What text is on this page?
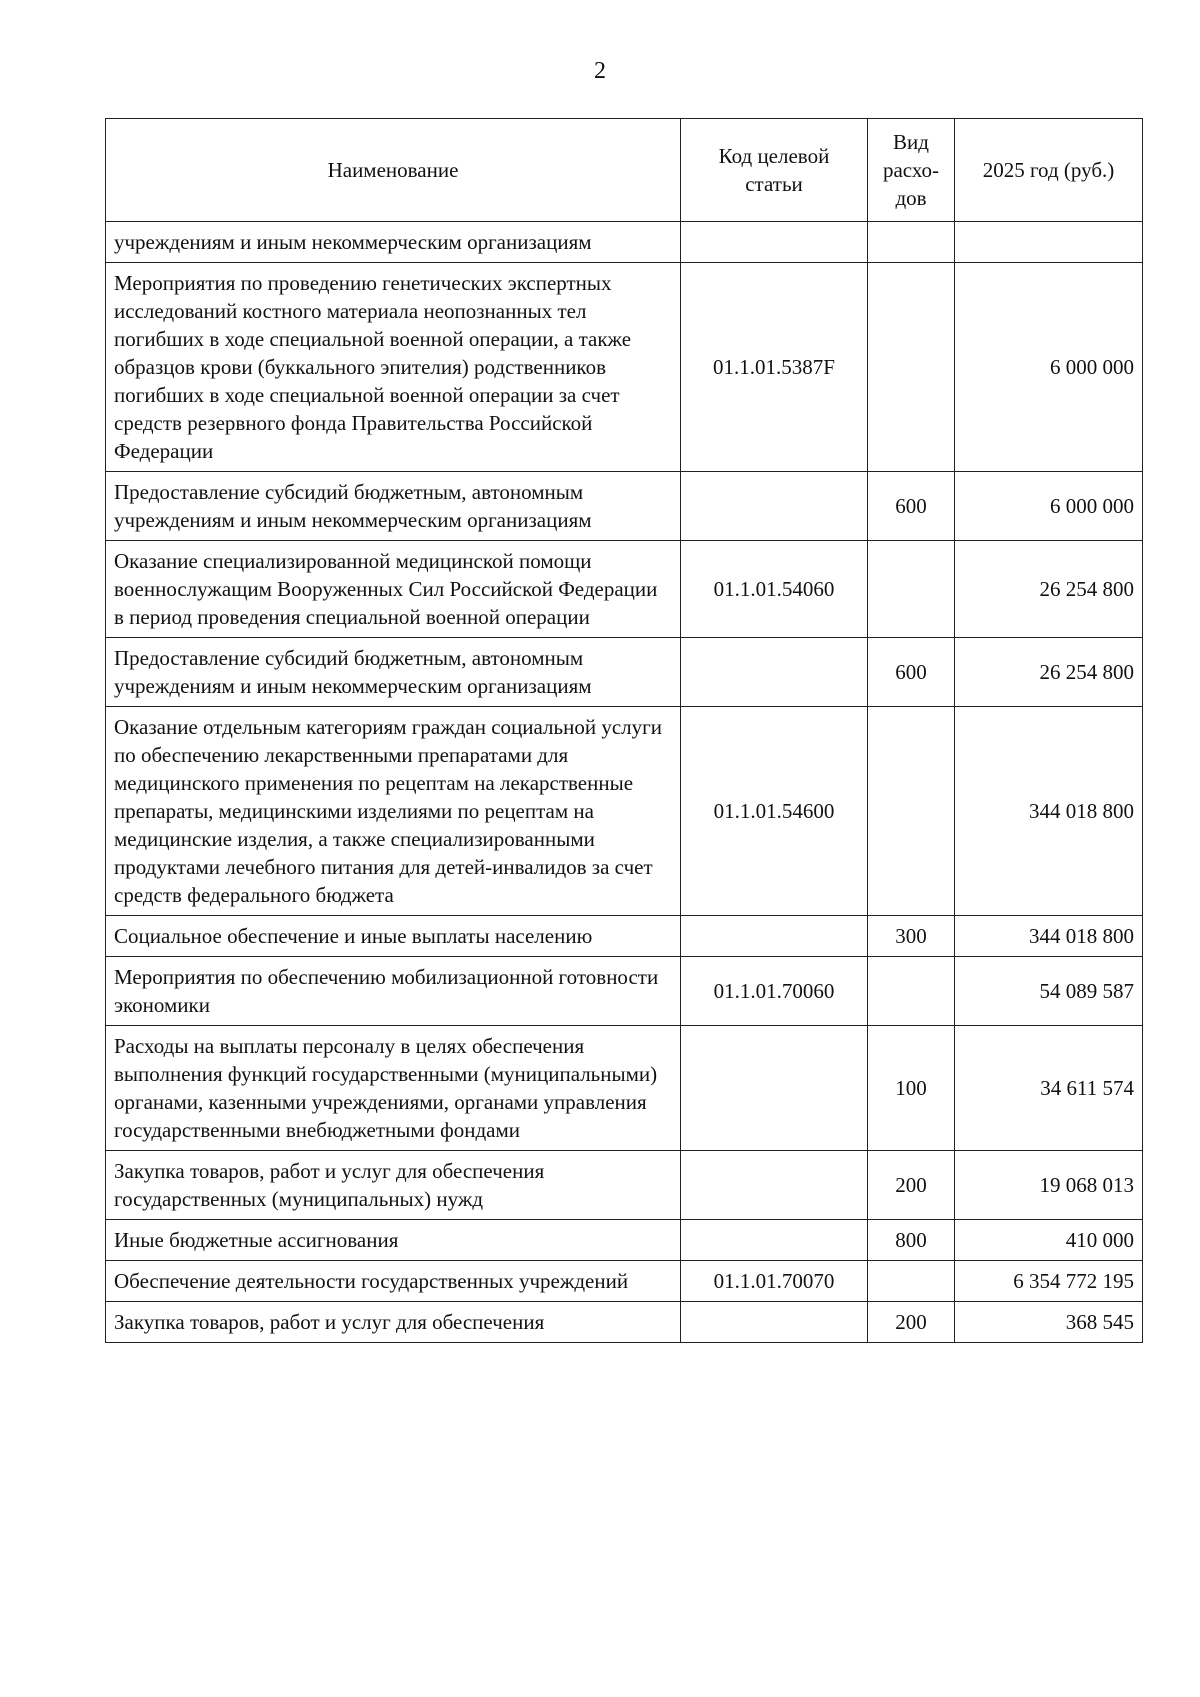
2
Наименование	Код целевой статьи	Вид расхо-дов	2025 год (руб.)
учреждениям и иным некоммерческим организациям			
Мероприятия по проведению генетических экспертных исследований костного материала неопознанных тел погибших в ходе специальной военной операции, а также образцов крови (буккального эпителия) родственников погибших в ходе специальной военной операции за счет средств резервного фонда Правительства Российской Федерации	01.1.01.5387F		6 000 000
Предоставление субсидий бюджетным, автономным учреждениям и иным некоммерческим организациям		600	6 000 000
Оказание специализированной медицинской помощи военнослужащим Вооруженных Сил Российской Федерации в период проведения специальной военной операции	01.1.01.54060		26 254 800
Предоставление субсидий бюджетным, автономным учреждениям и иным некоммерческим организациям		600	26 254 800
Оказание отдельным категориям граждан социальной услуги по обеспечению лекарственными препаратами для медицинского применения по рецептам на лекарственные препараты, медицинскими изделиями по рецептам на медицинские изделия, а также специализированными продуктами лечебного питания для детей-инвалидов за счет средств федерального бюджета	01.1.01.54600		344 018 800
Социальное обеспечение и иные выплаты населению		300	344 018 800
Мероприятия по обеспечению мобилизационной готовности экономики	01.1.01.70060		54 089 587
Расходы на выплаты персоналу в целях обеспечения выполнения функций государственными (муниципальными) органами, казенными учреждениями, органами управления государственными внебюджетными фондами		100	34 611 574
Закупка товаров, работ и услуг для обеспечения государственных (муниципальных) нужд		200	19 068 013
Иные бюджетные ассигнования		800	410 000
Обеспечение деятельности государственных учреждений	01.1.01.70070		6 354 772 195
Закупка товаров, работ и услуг для обеспечения		200	368 545
